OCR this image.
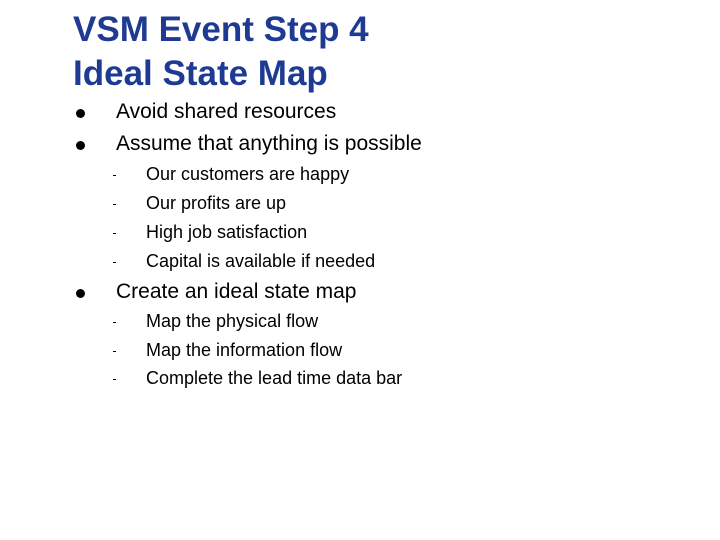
VSM Event Step 4
Ideal State Map
Avoid shared resources
Assume that anything is possible
Our customers are happy
Our profits are up
High job satisfaction
Capital is available if needed
Create an ideal state map
Map the physical flow
Map the information flow
Complete the lead time data bar
